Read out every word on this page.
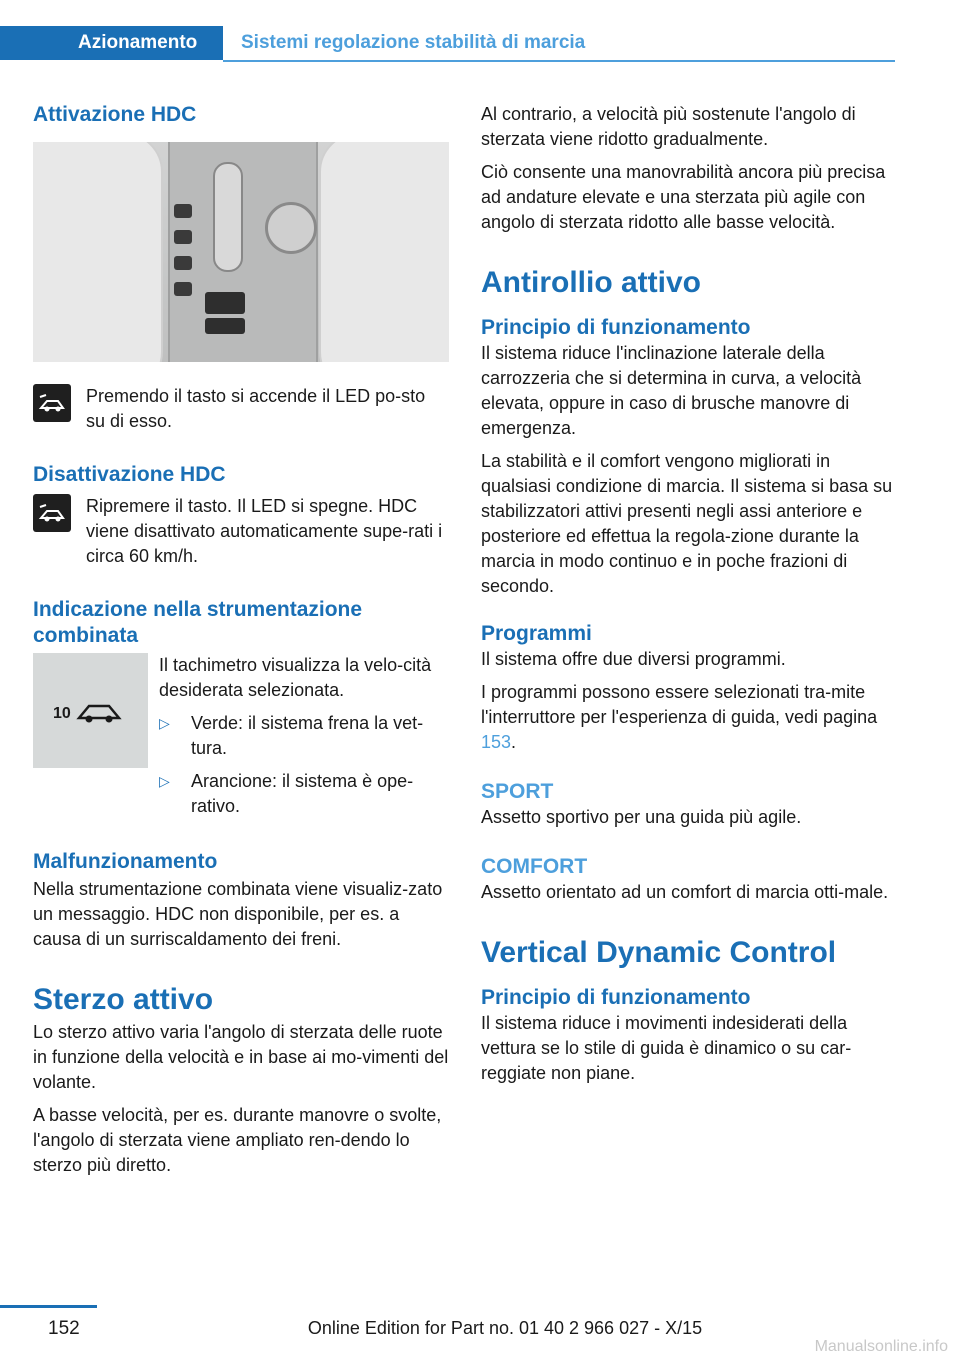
Azionamento	Sistemi regolazione stabilità di marcia
Attivazione HDC

Premendo il tasto si accende il LED po-sto su di esso.

Disattivazione HDC

Ripremere il tasto. Il LED si spegne. HDC viene disattivato automaticamente supe-rati i circa 60 km/h.

Indicazione nella strumentazione combinata
10

Il tachimetro visualizza la velo-cità desiderata selezionata.

▷ Verde: il sistema frena la vet-tura.
▷ Arancione: il sistema è ope-rativo.
Malfunzionamento

Nella strumentazione combinata viene visualiz-zato un messaggio. HDC non disponibile, per es. a causa di un surriscaldamento dei freni.

Sterzo attivo

Lo sterzo attivo varia l'angolo di sterzata delle ruote in funzione della velocità e in base ai mo-vimenti del volante.

A basse velocità, per es. durante manovre o svolte, l'angolo di sterzata viene ampliato ren-dendo lo sterzo più diretto.

Al contrario, a velocità più sostenute l'angolo di sterzata viene ridotto gradualmente.

Ciò consente una manovrabilità ancora più precisa ad andature elevate e una sterzata più agile con angolo di sterzata ridotto alle basse velocità.

Antirollio attivo
Principio di funzionamento

Il sistema riduce l'inclinazione laterale della carrozzeria che si determina in curva, a velocità elevata, oppure in caso di brusche manovre di emergenza.

La stabilità e il comfort vengono migliorati in qualsiasi condizione di marcia. Il sistema si basa su stabilizzatori attivi presenti negli assi anteriore e posteriore ed effettua la regola-zione durante la marcia in modo continuo e in poche frazioni di secondo.

Programmi

Il sistema offre due diversi programmi.

I programmi possono essere selezionati tra-mite l'interruttore per l'esperienza di guida, vedi pagina 153.

SPORT

Assetto sportivo per una guida più agile.

COMFORT

Assetto orientato ad un comfort di marcia otti-male.

Vertical Dynamic Control
Principio di funzionamento

Il sistema riduce i movimenti indesiderati della vettura se lo stile di guida è dinamico o su car-reggiate non piane.

152	Online Edition for Part no. 01 40 2 966 027 - X/15
Manualsonline.info
